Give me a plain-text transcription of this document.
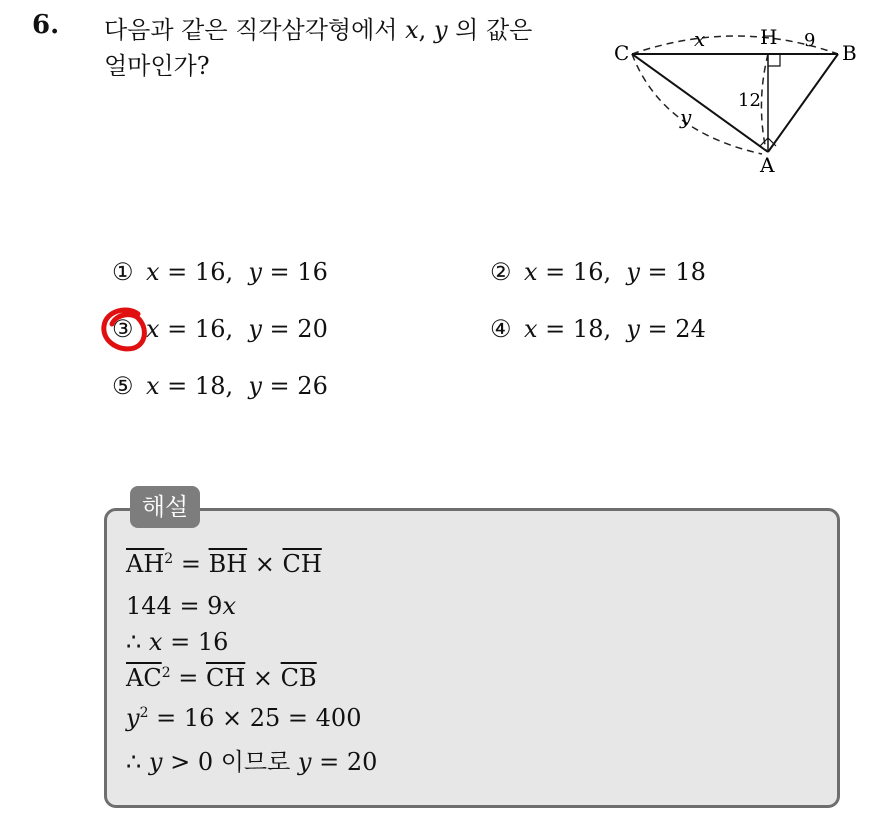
6. 다음과 같은 직각삼각형에서 x, y 의 값은
얼마인가?	C
H
B
A
x	9
12
y
① x = 16,  y = 16	② x = 16,  y = 18
③ x = 16,  y = 20	④ x = 18,  y = 24
⑤ x = 18,  y = 26
해설
$\overline{AH}^2 = \overline{BH} \times \overline{CH}$
144 = 9x
∴ x = 16
$\overline{AC}^2 = \overline{CH} \times \overline{CB}$
$y^2 = 16 \times 25 = 400$
∴ y > 0 이므로 y = 20
